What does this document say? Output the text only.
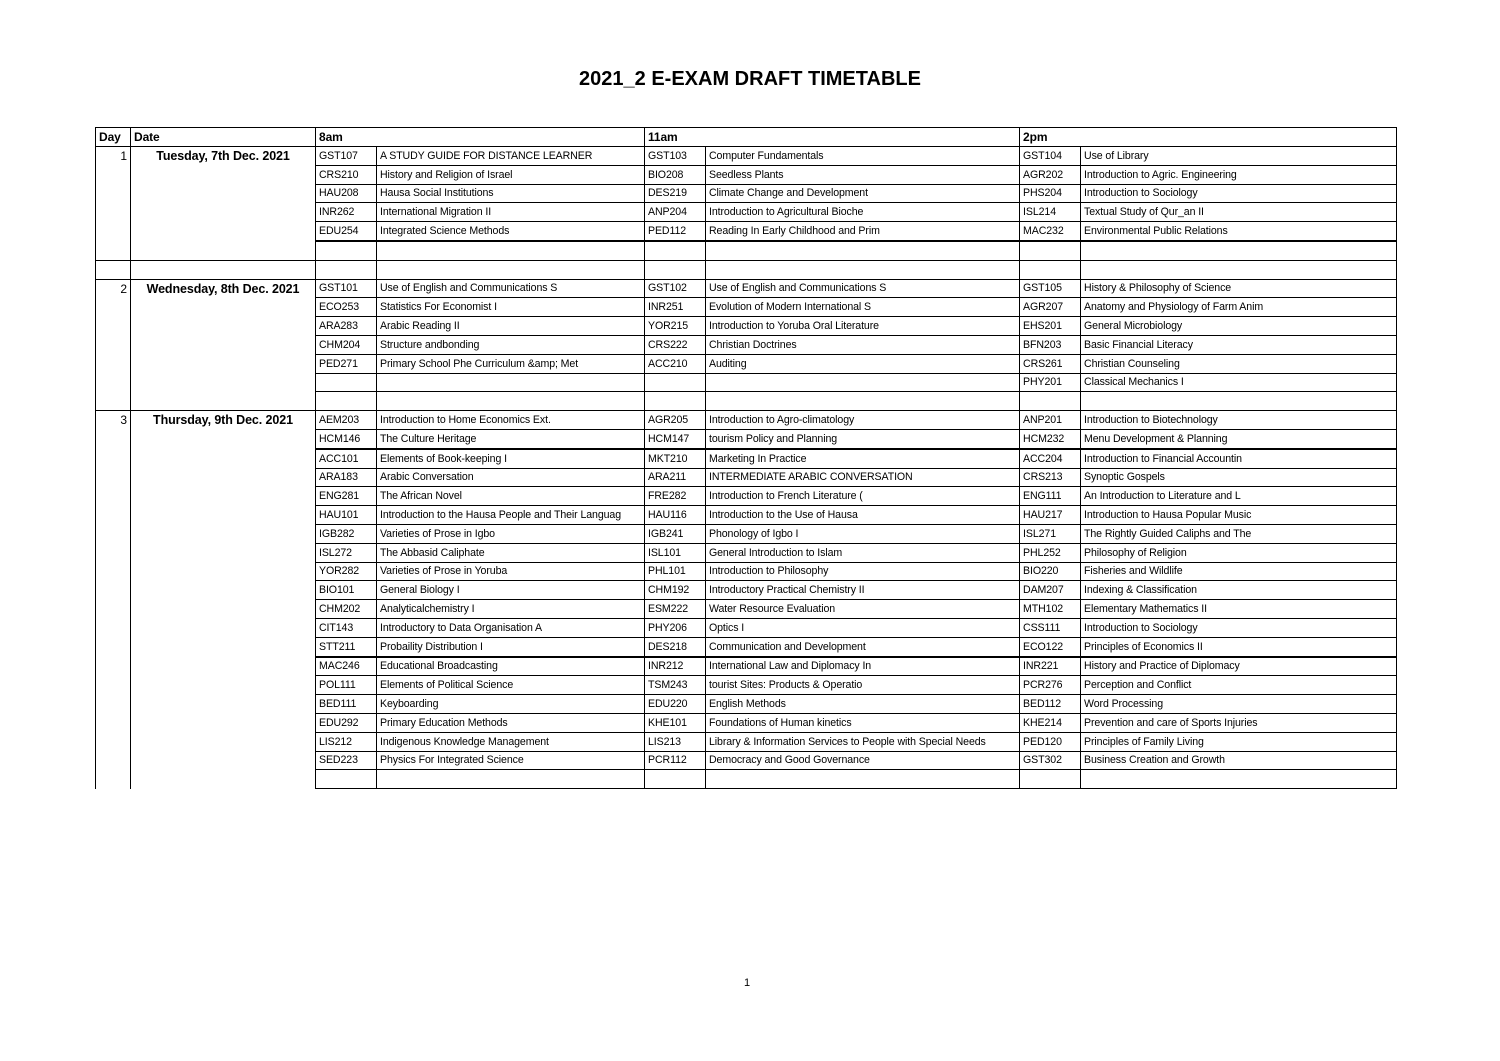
2021_2 E-EXAM DRAFT TIMETABLE
Day	Date	8am		11am		2pm	
1	Tuesday, 7th Dec. 2021	GST107	A STUDY GUIDE FOR DISTANCE LEARNER	GST103	Computer Fundamentals	GST104	Use of Library
		CRS210	History and Religion of Israel	BIO208	Seedless Plants	AGR202	Introduction to Agric. Engineering
		HAU208	Hausa Social Institutions	DES219	Climate Change and Development	PHS204	Introduction to Sociology
		INR262	International Migration II	ANP204	Introduction to Agricultural Bioche	ISL214	Textual Study of Qur_an II
		EDU254	Integrated Science Methods	PED112	Reading In Early Childhood and Prim	MAC232	Environmental Public Relations

2	Wednesday, 8th Dec. 2021	GST101	Use of English and Communications S	GST102	Use of English and Communications S	GST105	History & Philosophy of Science
		ECO253	Statistics For Economist I	INR251	Evolution of Modern International S	AGR207	Anatomy and Physiology of Farm Anim
		ARA283	Arabic Reading II	YOR215	Introduction to Yoruba Oral Literature	EHS201	General Microbiology
		CHM204	Structure andbonding	CRS222	Christian Doctrines	BFN203	Basic Financial Literacy
		PED271	Primary School Phe Curriculum &amp; Met	ACC210	Auditing	CRS261	Christian Counseling
						PHY201	Classical Mechanics I

3	Thursday, 9th Dec. 2021	AEM203	Introduction to Home Economics Ext.	AGR205	Introduction to Agro-climatology	ANP201	Introduction to Biotechnology
		HCM146	The Culture Heritage	HCM147	tourism Policy and Planning	HCM232	Menu Development & Planning
		ACC101	Elements of Book-keeping I	MKT210	Marketing In Practice	ACC204	Introduction to Financial Accountin
		ARA183	Arabic Conversation	ARA211	INTERMEDIATE ARABIC CONVERSATION	CRS213	Synoptic Gospels
		ENG281	The African Novel	FRE282	Introduction to French Literature (	ENG111	An Introduction to Literature and L
		HAU101	Introduction to the Hausa People and Their Languag	HAU116	Introduction to the Use of Hausa	HAU217	Introduction to Hausa Popular Music
		IGB282	Varieties of Prose in Igbo	IGB241	Phonology of Igbo I	ISL271	The Rightly Guided Caliphs and The
		ISL272	The Abbasid Caliphate	ISL101	General Introduction to Islam	PHL252	Philosophy of Religion
		YOR282	Varieties of Prose in Yoruba	PHL101	Introduction to Philosophy	BIO220	Fisheries and Wildlife
		BIO101	General Biology I	CHM192	Introductory Practical Chemistry II	DAM207	Indexing & Classification
		CHM202	Analyticalchemistry I	ESM222	Water Resource Evaluation	MTH102	Elementary Mathematics II
		CIT143	Introductory to Data Organisation A	PHY206	Optics I	CSS111	Introduction to Sociology
		STT211	Probaility Distribution I	DES218	Communication and Development	ECO122	Principles of Economics II
		MAC246	Educational Broadcasting	INR212	International Law and Diplomacy In	INR221	History and Practice of Diplomacy
		POL111	Elements of Political Science	TSM243	tourist Sites: Products & Operatio	PCR276	Perception and Conflict
		BED111	Keyboarding	EDU220	English Methods	BED112	Word Processing
		EDU292	Primary Education Methods	KHE101	Foundations of Human kinetics	KHE214	Prevention and care of Sports Injuries
		LIS212	Indigenous Knowledge Management	LIS213	Library & Information Services to People with Special Needs	PED120	Principles of Family Living
		SED223	Physics For Integrated Science	PCR112	Democracy and Good Governance	GST302	Business Creation and Growth

1
